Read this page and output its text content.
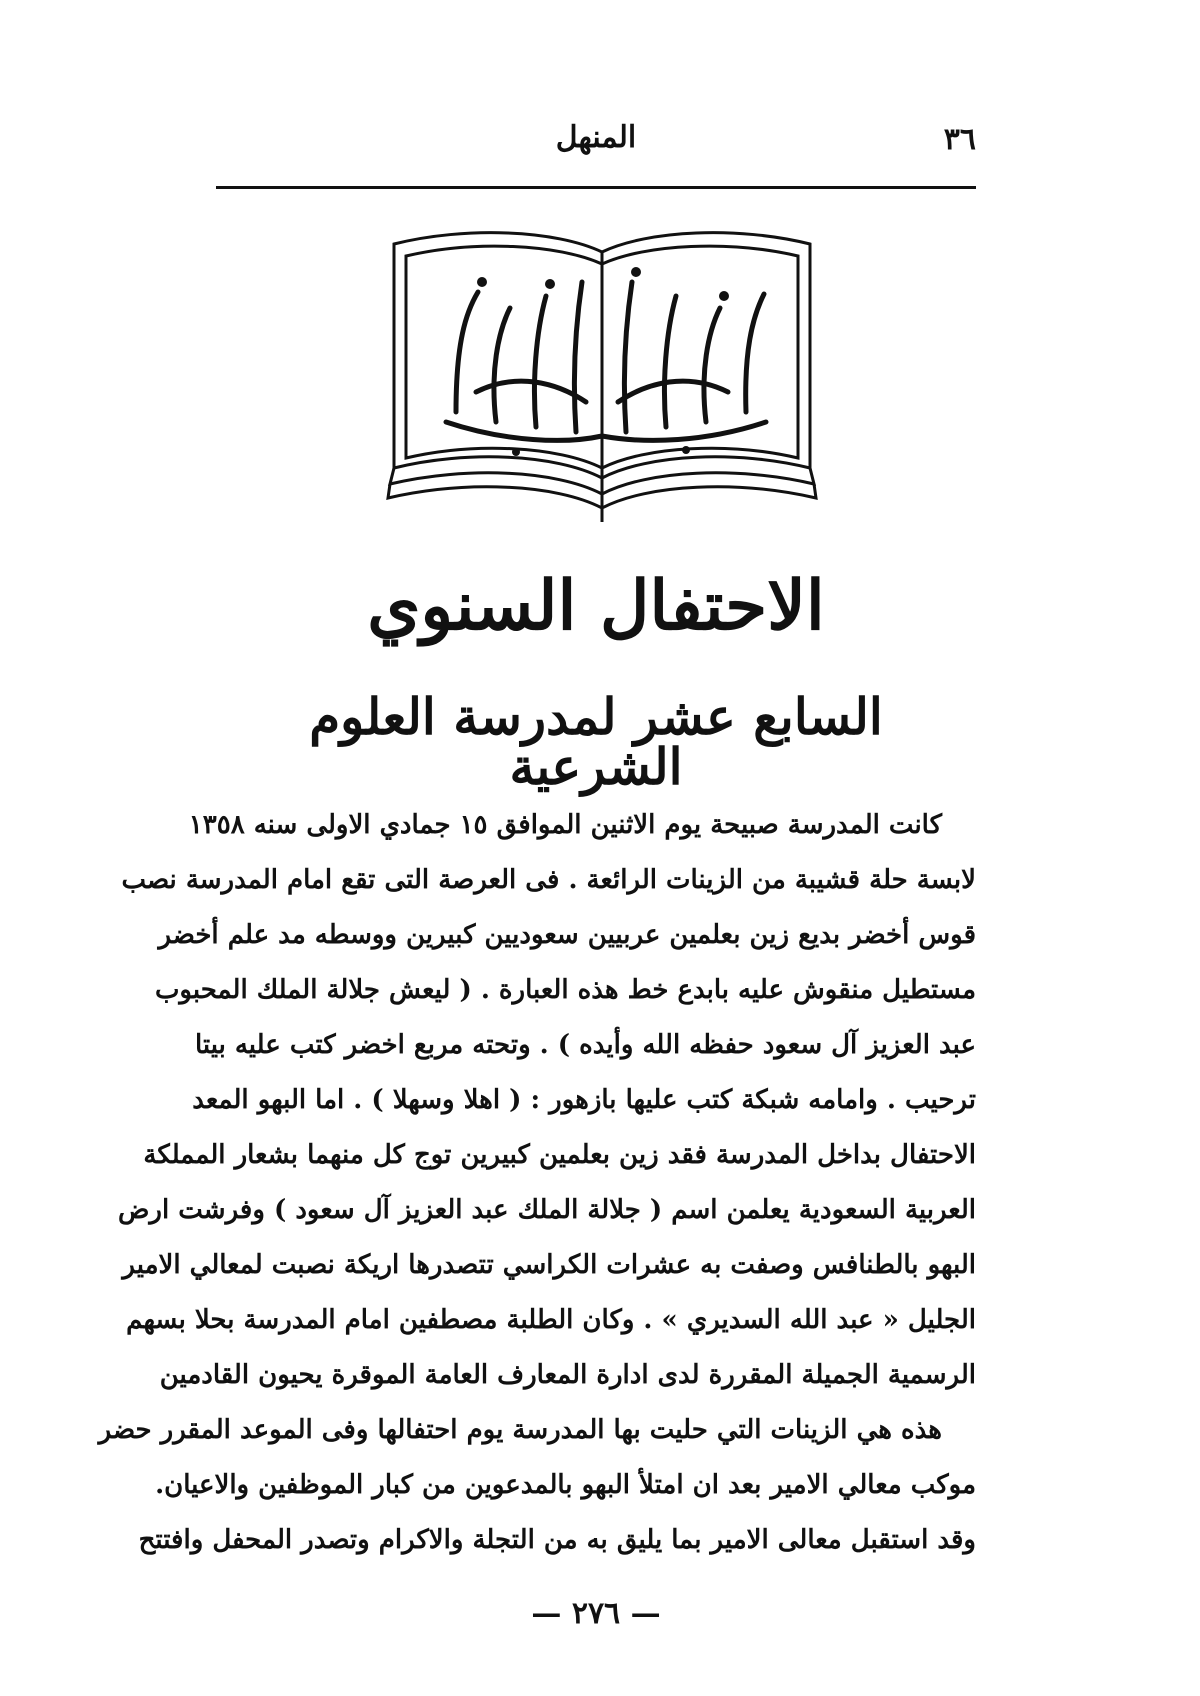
٣٦
المنهل
الاحتفال السنوي
السابع عشر لمدرسة العلوم الشرعية
كانت المدرسة صبيحة يوم الاثنين الموافق ١٥ جمادي الاولى سنه ١٣٥٨
لابسة حلة قشيبة من الزينات الرائعة . فى العرصة التى تقع امام المدرسة نصب
قوس أخضر بديع زين بعلمين عربيين سعوديين كبيرين ووسطه مد علم أخضر
مستطيل منقوش عليه بابدع خط هذه العبارة . ( ليعش جلالة الملك المحبوب
عبد العزيز آل سعود حفظه الله وأيده ) . وتحته مربع اخضر كتب عليه بيتا
ترحيب . وامامه شبكة كتب عليها بازهور : ( اهلا وسهلا ) . اما البهو المعد
الاحتفال بداخل المدرسة فقد زين بعلمين كبيرين توج كل منهما بشعار المملكة
العربية السعودية يعلمن اسم ( جلالة الملك عبد العزيز آل سعود ) وفرشت ارض
البهو بالطنافس وصفت به عشرات الكراسي تتصدرها اريكة نصبت لمعالي الامير
الجليل « عبد الله السديري » . وكان الطلبة مصطفين امام المدرسة بحلا بسهم
الرسمية الجميلة المقررة لدى ادارة المعارف العامة الموقرة يحيون القادمين
هذه هي الزينات التي حليت بها المدرسة يوم احتفالها وفى الموعد المقرر حضر
موكب معالي الامير بعد ان امتلأ البهو بالمدعوين من كبار الموظفين والاعيان.
وقد استقبل معالى الامير بما يليق به من التجلة والاكرام وتصدر المحفل وافتتح
— ٢٧٦ —
